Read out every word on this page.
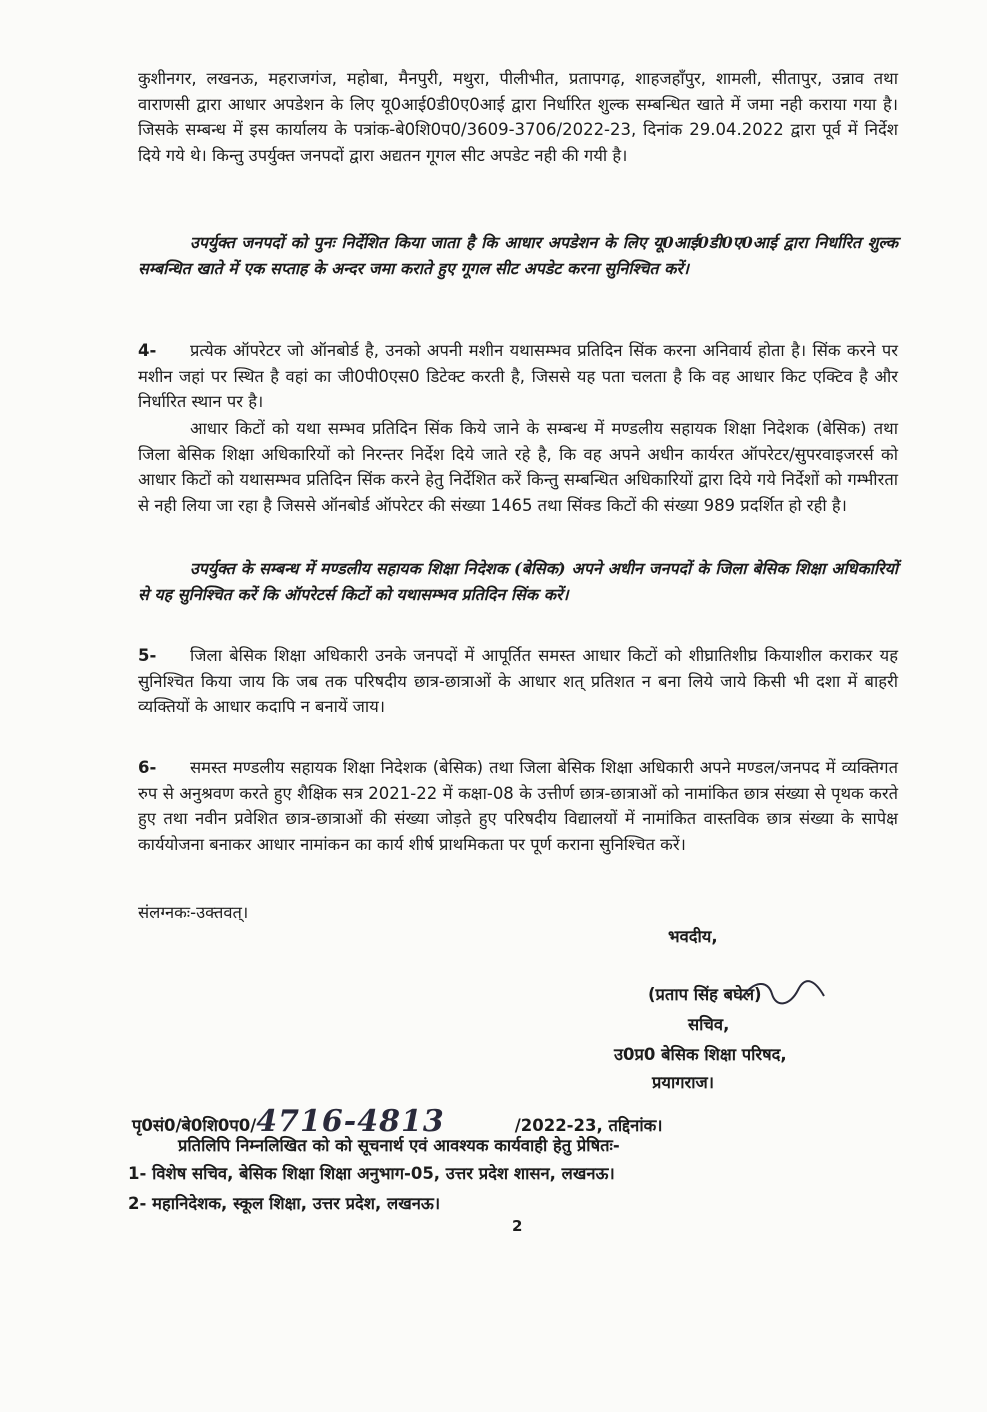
कुशीनगर, लखनऊ, महराजगंज, महोबा, मैनपुरी, मथुरा, पीलीभीत, प्रतापगढ़, शाहजहाँपुर, शामली, सीतापुर, उन्नाव तथा वाराणसी द्वारा आधार अपडेशन के लिए यू0आई0डी0ए0आई द्वारा निर्धारित शुल्क सम्बन्धित खाते में जमा नही कराया गया है। जिसके सम्बन्ध में इस कार्यालय के पत्रांक-बे0शि0प0/3609-3706/2022-23, दिनांक 29.04.2022 द्वारा पूर्व में निर्देश दिये गये थे। किन्तु उपर्युक्त जनपदों द्वारा अद्यतन गूगल सीट अपडेट नही की गयी है।
उपर्युक्त जनपदों को पुनः निर्देशित किया जाता है कि आधार अपडेशन के लिए यू0आई0डी0ए0आई द्वारा निर्धारित शुल्क सम्बन्धित खाते में एक सप्ताह के अन्दर जमा कराते हुए गूगल सीट अपडेट करना सुनिश्चित करें।
4- प्रत्येक ऑपरेटर जो ऑनबोर्ड है, उनको अपनी मशीन यथासम्भव प्रतिदिन सिंक करना अनिवार्य होता है। सिंक करने पर मशीन जहां पर स्थित है वहां का जी0पी0एस0 डिटेक्ट करती है, जिससे यह पता चलता है कि वह आधार किट एक्टिव है और निर्धारित स्थान पर है।
आधार किटों को यथा सम्भव प्रतिदिन सिंक किये जाने के सम्बन्ध में मण्डलीय सहायक शिक्षा निदेशक (बेसिक) तथा जिला बेसिक शिक्षा अधिकारियों को निरन्तर निर्देश दिये जाते रहे है, कि वह अपने अधीन कार्यरत ऑपरेटर/सुपरवाइजरर्स को आधार किटों को यथासम्भव प्रतिदिन सिंक करने हेतु निर्देशित करें किन्तु सम्बन्धित अधिकारियों द्वारा दिये गये निर्देशों को गम्भीरता से नही लिया जा रहा है जिससे ऑनबोर्ड ऑपरेटर की संख्या 1465 तथा सिंक्ड किटों की संख्या 989 प्रदर्शित हो रही है।
उपर्युक्त के सम्बन्ध में मण्डलीय सहायक शिक्षा निदेशक (बेसिक) अपने अधीन जनपदों के जिला बेसिक शिक्षा अधिकारियों से यह सुनिश्चित करें कि ऑपरेटर्स किटों को यथासम्भव प्रतिदिन सिंक करें।
5- जिला बेसिक शिक्षा अधिकारी उनके जनपदों में आपूर्तित समस्त आधार किटों को शीघ्रातिशीघ्र कियाशील कराकर यह सुनिश्चित किया जाय कि जब तक परिषदीय छात्र-छात्राओं के आधार शत् प्रतिशत न बना लिये जाये किसी भी दशा में बाहरी व्यक्तियों के आधार कदापि न बनायें जाय।
6- समस्त मण्डलीय सहायक शिक्षा निदेशक (बेसिक) तथा जिला बेसिक शिक्षा अधिकारी अपने मण्डल/जनपद में व्यक्तिगत रुप से अनुश्रवण करते हुए शैक्षिक सत्र 2021-22 में कक्षा-08 के उत्तीर्ण छात्र-छात्राओं को नामांकित छात्र संख्या से पृथक करते हुए तथा नवीन प्रवेशित छात्र-छात्राओं की संख्या जोड़ते हुए परिषदीय विद्यालयों में नामांकित वास्तविक छात्र संख्या के सापेक्ष कार्ययोजना बनाकर आधार नामांकन का कार्य शीर्ष प्राथमिकता पर पूर्ण कराना सुनिश्चित करें।
संलग्नकः-उक्तवत्।
भवदीय,
(प्रताप सिंह बघेल)
सचिव,
उ0प्र0 बेसिक शिक्षा परिषद,
प्रयागराज।
पृ0सं0/बे0शि0प0/4716-4813	/2022-23, तद्दिनांक।
प्रतिलिपि निम्नलिखित को को सूचनार्थ एवं आवश्यक कार्यवाही हेतु प्रेषितः-
1- विशेष सचिव, बेसिक शिक्षा शिक्षा अनुभाग-05, उत्तर प्रदेश शासन, लखनऊ।
2- महानिदेशक, स्कूल शिक्षा, उत्तर प्रदेश, लखनऊ।
2
